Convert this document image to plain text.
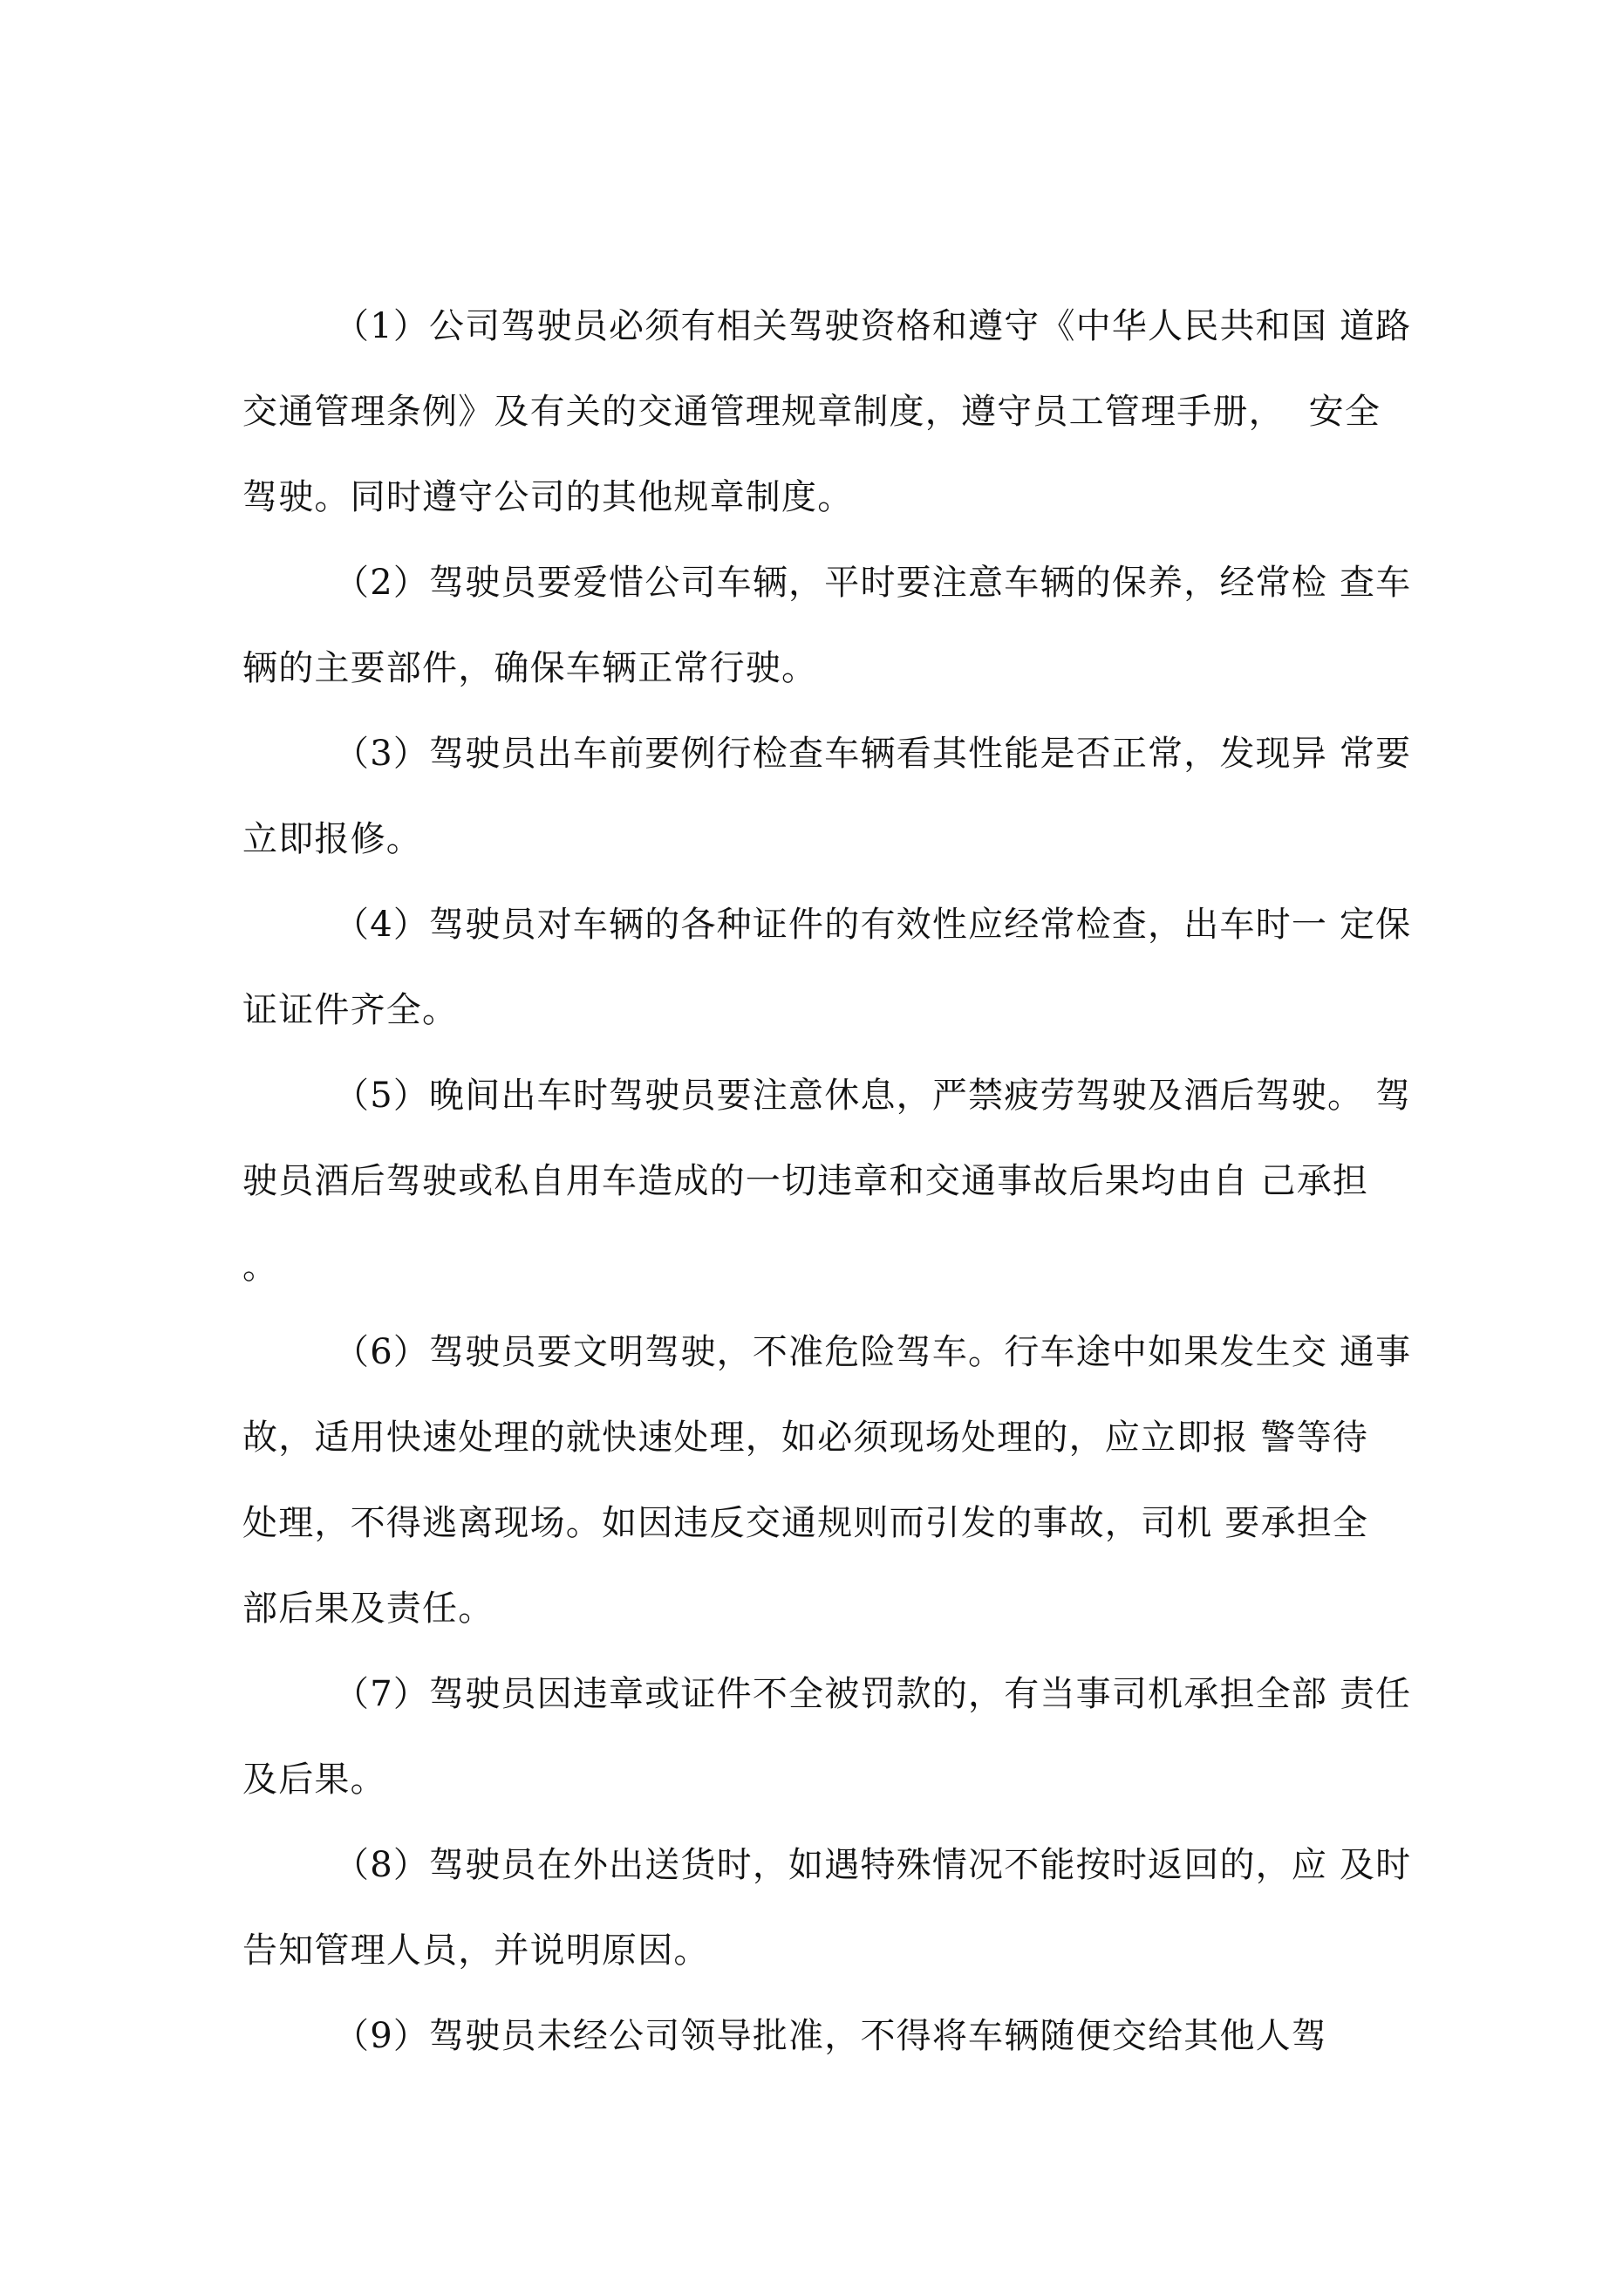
（1）公司驾驶员必须有相关驾驶资格和遵守《中华人民共和国 道路
交通管理条例》及有关的交通管理规章制度，遵守员工管理手册，  安全
驾驶。同时遵守公司的其他规章制度。
（2）驾驶员要爱惜公司车辆，平时要注意车辆的保养，经常检 查车
辆的主要部件，确保车辆正常行驶。
（3）驾驶员出车前要例行检查车辆看其性能是否正常，发现异 常要
立即报修。
（4）驾驶员对车辆的各种证件的有效性应经常检查，出车时一 定保
证证件齐全。
（5）晚间出车时驾驶员要注意休息，严禁疲劳驾驶及酒后驾驶。 驾
驶员酒后驾驶或私自用车造成的一切违章和交通事故后果均由自 己承担
。
（6）驾驶员要文明驾驶，不准危险驾车。行车途中如果发生交 通事
故，适用快速处理的就快速处理，如必须现场处理的，应立即报 警等待
处理，不得逃离现场。如因违反交通规则而引发的事故，司机 要承担全
部后果及责任。
（7）驾驶员因违章或证件不全被罚款的，有当事司机承担全部 责任
及后果。
（8）驾驶员在外出送货时，如遇特殊情况不能按时返回的，应 及时
告知管理人员，并说明原因。
（9）驾驶员未经公司领导批准，不得将车辆随便交给其他人驾
